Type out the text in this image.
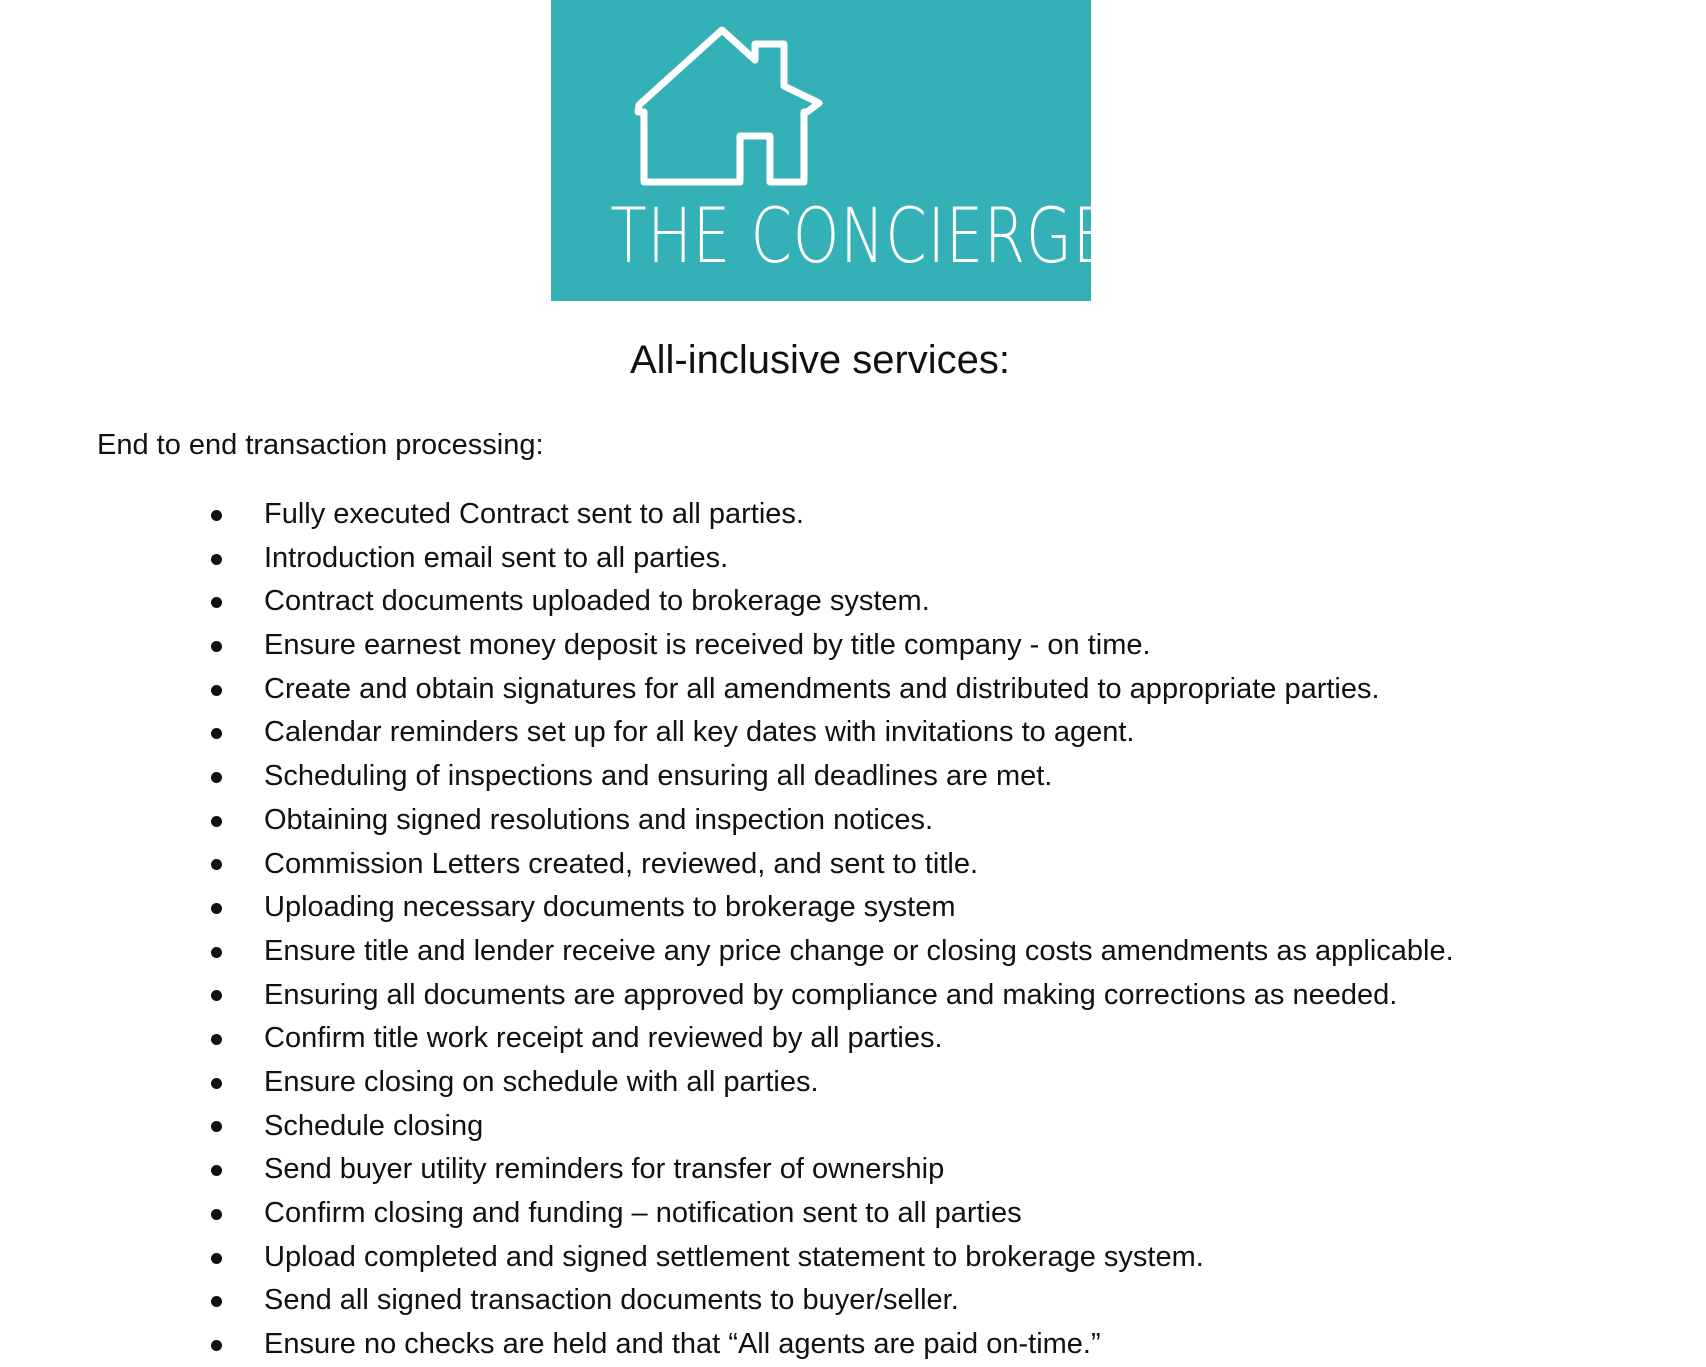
THE CONCIERGE TC
All-inclusive services:
End to end transaction processing:
Fully executed Contract sent to all parties.
Introduction email sent to all parties.
Contract documents uploaded to brokerage system.
Ensure earnest money deposit is received by title company - on time.
Create and obtain signatures for all amendments and distributed to appropriate parties.
Calendar reminders set up for all key dates with invitations to agent.
Scheduling of inspections and ensuring all deadlines are met.
Obtaining signed resolutions and inspection notices.
Commission Letters created, reviewed, and sent to title.
Uploading necessary documents to brokerage system
Ensure title and lender receive any price change or closing costs amendments as applicable.
Ensuring all documents are approved by compliance and making corrections as needed.
Confirm title work receipt and reviewed by all parties.
Ensure closing on schedule with all parties.
Schedule closing
Send buyer utility reminders for transfer of ownership
Confirm closing and funding – notification sent to all parties
Upload completed and signed settlement statement to brokerage system.
Send all signed transaction documents to buyer/seller.
Ensure no checks are held and that “All agents are paid on-time.”
